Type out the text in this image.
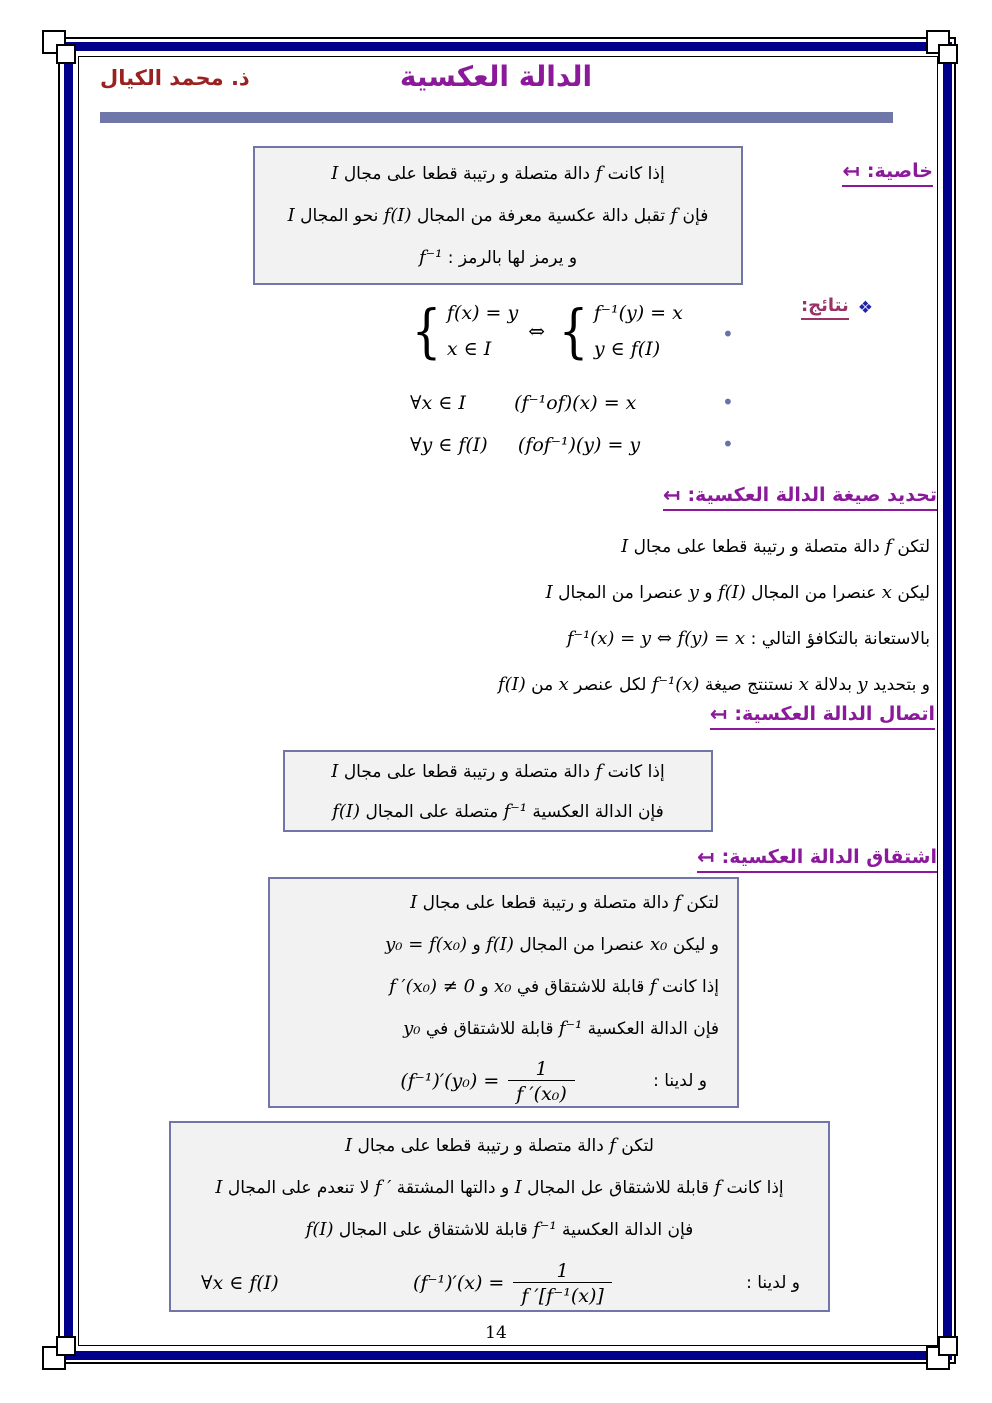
ذ. محمد الكيال	الدالة العكسية
خاصية:
↤
إذا كانت f دالة متصلة و رتيبة قطعا على مجال I
فإن f تقبل دالة عكسية معرفة من المجال f(I) نحو المجال I
و يرمز لها بالرمز : f⁻¹
❖
نتائج:
•
{ f(x) = y
x ∈ I
⇔ { f⁻¹(y) = x
y ∈ f(I)
•
∀x ∈ I        (f⁻¹of)(x) = x
•
∀y ∈ f(I)     (fof⁻¹)(y) = y
تحديد صيغة الدالة العكسية:
↤
لتكن f دالة متصلة و رتيبة قطعا على مجال I
ليكن x عنصرا من المجال f(I) و y عنصرا من المجال I
بالاستعانة بالتكافؤ التالي : f⁻¹(x) = y ⇔ f(y) = x
و بتحديد y بدلالة x نستنتج صيغة f⁻¹(x) لكل عنصر x من f(I)
اتصال الدالة العكسية:
↤
إذا كانت f دالة متصلة و رتيبة قطعا على مجال I
فإن الدالة العكسية f⁻¹ متصلة على المجال f(I)
اشتقاق الدالة العكسية:
↤
لتكن f دالة متصلة و رتيبة قطعا على مجال I
و ليكن x₀ عنصرا من المجال f(I) و y₀ = f(x₀)
إذا كانت f قابلة للاشتقاق في x₀ و f ′(x₀) ≠ 0
فإن الدالة العكسية f⁻¹ قابلة للاشتقاق في y₀
و لدينا :
$(f^{-1})'(y_0) = \frac{1}{\text{f ′(x₀)}}$
لتكن f دالة متصلة و رتيبة قطعا على مجال I
إذا كانت f قابلة للاشتقاق عل المجال I و دالتها المشتقة f ′ لا تنعدم على المجال I
فإن الدالة العكسية f⁻¹ قابلة للاشتقاق على المجال f(I)
و لدينا :
$(f^{-1})'(x) = \frac{1}{\text{f ′[f⁻¹(x)]}}$
∀x ∈ f(I)
14
